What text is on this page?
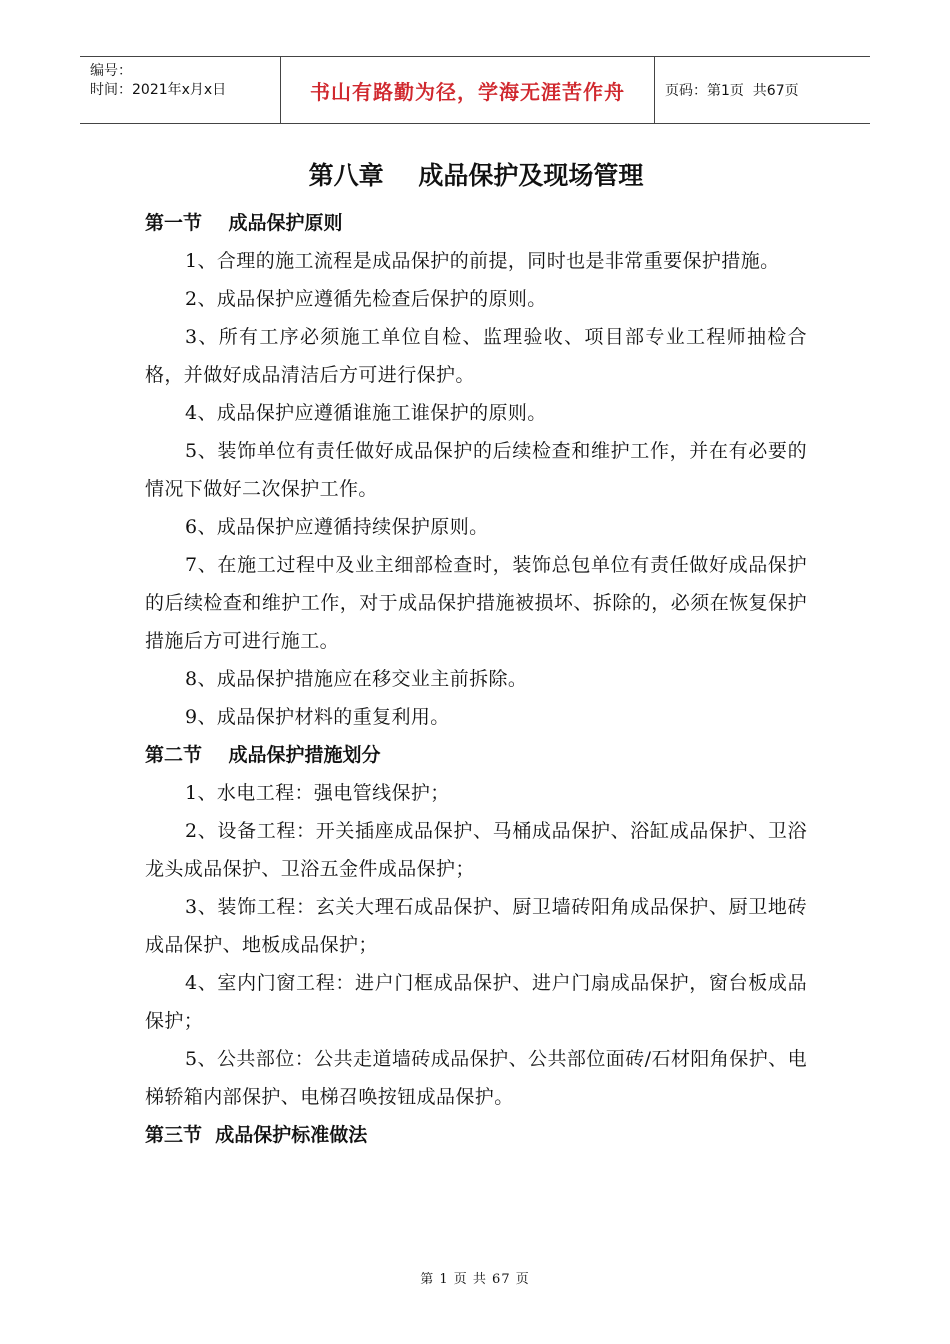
编号：
时间：2021年x月x日	书山有路勤为径，学海无涯苦作舟	页码：第1页  共67页
第八章    成品保护及现场管理
第一节    成品保护原则

1、合理的施工流程是成品保护的前提，同时也是非常重要保护措施。

2、成品保护应遵循先检查后保护的原则。

3、所有工序必须施工单位自检、监理验收、项目部专业工程师抽检合格，并做好成品清洁后方可进行保护。

4、成品保护应遵循谁施工谁保护的原则。

5、装饰单位有责任做好成品保护的后续检查和维护工作，并在有必要的情况下做好二次保护工作。

6、成品保护应遵循持续保护原则。

7、在施工过程中及业主细部检查时，装饰总包单位有责任做好成品保护的后续检查和维护工作，对于成品保护措施被损坏、拆除的，必须在恢复保护措施后方可进行施工。

8、成品保护措施应在移交业主前拆除。

9、成品保护材料的重复利用。

第二节    成品保护措施划分

1、水电工程：强电管线保护；

2、设备工程：开关插座成品保护、马桶成品保护、浴缸成品保护、卫浴龙头成品保护、卫浴五金件成品保护；

3、装饰工程：玄关大理石成品保护、厨卫墙砖阳角成品保护、厨卫地砖成品保护、地板成品保护；

4、室内门窗工程：进户门框成品保护、进户门扇成品保护，窗台板成品保护；

5、公共部位：公共走道墙砖成品保护、公共部位面砖/石材阳角保护、电梯轿箱内部保护、电梯召唤按钮成品保护。

第三节  成品保护标准做法
第 1 页 共 67 页
